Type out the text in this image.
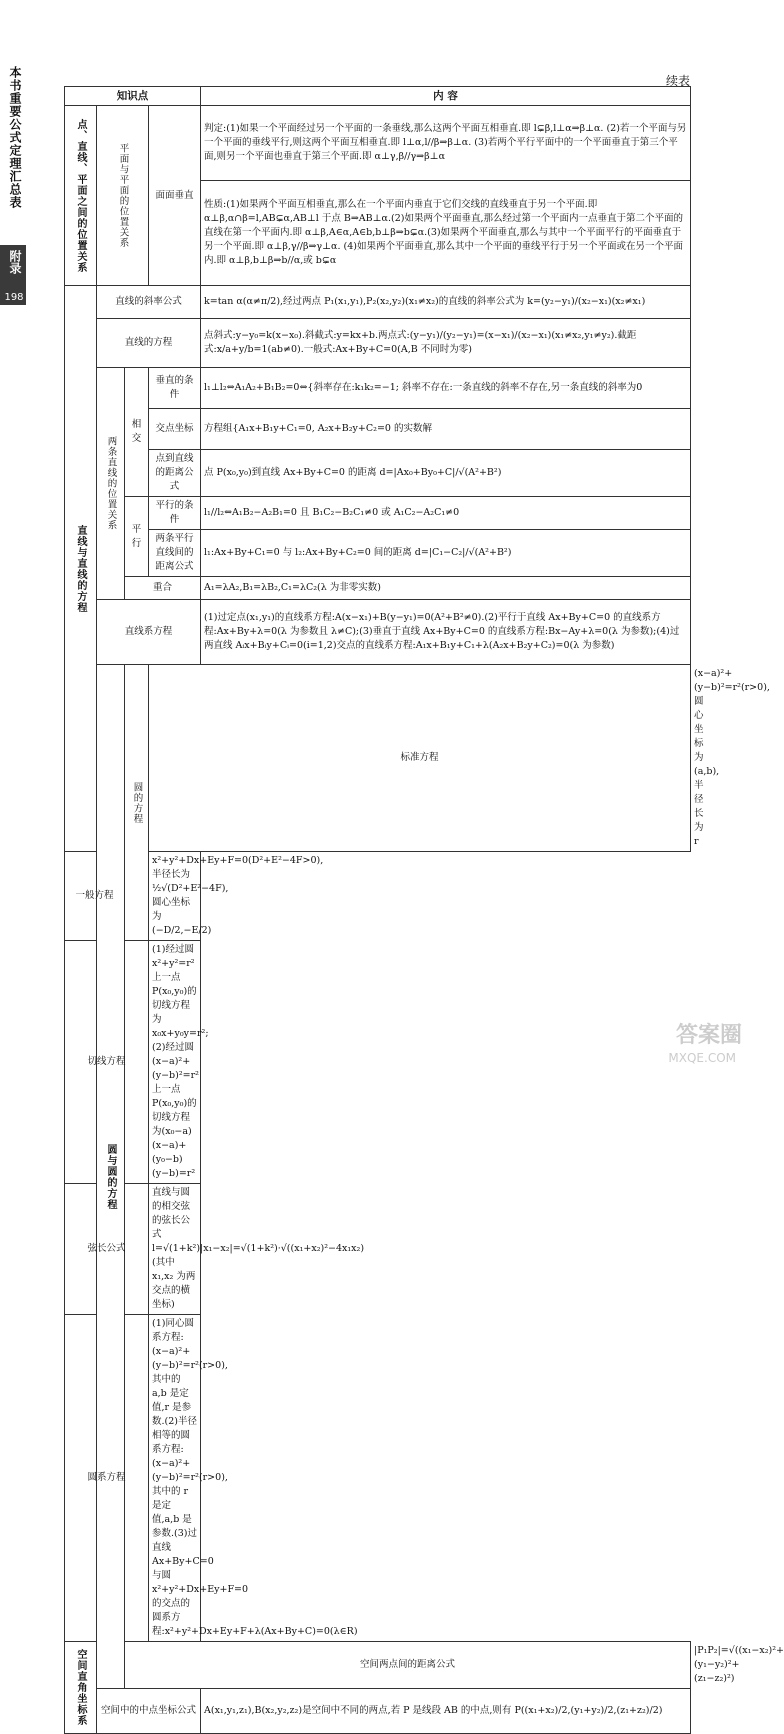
本书重要公式定理汇总表
附录
198
续表
知识点				内 容	

点、直线、平面之间的位置关系	平面与平面的位置关系		面面垂直	判定:(1)如果一个平面经过另一个平面的一条垂线,那么这两个平面互相垂直.即 l⊊β,l⊥α⇒β⊥α. (2)若一个平面与另一个平面的垂线平行,则这两个平面互相垂直.即 l⊥α,l//β⇒β⊥α. (3)若两个平行平面中的一个平面垂直于第三个平面,则另一个平面也垂直于第三个平面.即 α⊥γ,β//γ⇒β⊥α	
				性质:(1)如果两个平面互相垂直,那么在一个平面内垂直于它们交线的直线垂直于另一个平面.即 α⊥β,α∩β=l,AB⊊α,AB⊥l 于点 B⇒AB⊥α.(2)如果两个平面垂直,那么经过第一个平面内一点垂直于第二个平面的直线在第一个平面内.即 α⊥β,A∈α,A∈b,b⊥β⇒b⊊α.(3)如果两个平面垂直,那么与其中一个平面平行的平面垂直于另一个平面.即 α⊥β,γ//β⇒γ⊥α. (4)如果两个平面垂直,那么其中一个平面的垂线平行于另一个平面或在另一个平面内.即 α⊥β,b⊥β⇒b//α,或 b⊊α	

直线与直线的方程	直线的斜率公式			k=tan α(α≠π/2),经过两点 P₁(x₁,y₁),P₂(x₂,y₂)(x₁≠x₂)的直线的斜率公式为 k=(y₂−y₁)/(x₂−x₁)(x₂≠x₁)	
	直线的方程			点斜式:y−y₀=k(x−x₀).斜截式:y=kx+b.两点式:(y−y₁)/(y₂−y₁)=(x−x₁)/(x₂−x₁)(x₁≠x₂,y₁≠y₂).截距式:x/a+y/b=1(ab≠0).一般式:Ax+By+C=0(A,B 不同时为零)	

	两条直线的位置关系	相交	垂直的条件	l₁⊥l₂⇔A₁A₂+B₁B₂=0⇔{斜率存在:k₁k₂=−1; 斜率不存在:一条直线的斜率不存在,另一条直线的斜率为0	
			交点坐标	方程组{A₁x+B₁y+C₁=0, A₂x+B₂y+C₂=0 的实数解	
			点到直线的距离公式	点 P(x₀,y₀)到直线 Ax+By+C=0 的距离 d=|Ax₀+By₀+C|/√(A²+B²)	
		平行	平行的条件	l₁//l₂⇔A₁B₂−A₂B₁=0 且 B₁C₂−B₂C₁≠0 或 A₁C₂−A₂C₁≠0	
			两条平行直线间的距离公式	l₁:Ax+By+C₁=0 与 l₂:Ax+By+C₂=0 间的距离 d=|C₁−C₂|/√(A²+B²)	
		重合		A₁=λA₂,B₁=λB₂,C₁=λC₂(λ 为非零实数)	
	直线系方程			(1)过定点(x₁,y₁)的直线系方程:A(x−x₁)+B(y−y₁)=0(A²+B²≠0).(2)平行于直线 Ax+By+C=0 的直线系方程:Ax+By+λ=0(λ 为参数且 λ≠C);(3)垂直于直线 Ax+By+C=0 的直线系方程:Bx−Ay+λ=0(λ 为参数);(4)过两直线 Aᵢx+Bᵢy+Cᵢ=0(i=1,2)交点的直线系方程:A₁x+B₁y+C₁+λ(A₂x+B₂y+C₂)=0(λ 为参数)	

	圆与圆的方程	圆的方程	标准方程		(x−a)²+(y−b)²=r²(r>0),圆心坐标为(a,b),半径长为 r
一般方程			x²+y²+Dx+Ey+F=0(D²+E²−4F>0),半径长为 ½√(D²+E²−4F),圆心坐标为(−D/2,−E/2)		
切线方程			(1)经过圆 x²+y²=r² 上一点 P(x₀,y₀)的切线方程为 x₀x+y₀y=r²;(2)经过圆(x−a)²+(y−b)²=r² 上一点 P(x₀,y₀)的切线方程为(x₀−a)(x−a)+(y₀−b)(y−b)=r²		
弦长公式			直线与圆的相交弦的弦长公式 l=√(1+k²)|x₁−x₂|=√(1+k²)·√((x₁+x₂)²−4x₁x₂)(其中 x₁,x₂ 为两交点的横坐标)		
圆系方程			(1)同心圆系方程:(x−a)²+(y−b)²=r²(r>0),其中的 a,b 是定值,r 是参数.(2)半径相等的圆系方程:(x−a)²+(y−b)²=r²(r>0),其中的 r 是定值,a,b 是参数.(3)过直线 Ax+By+C=0 与圆 x²+y²+Dx+Ey+F=0 的交点的圆系方程:x²+y²+Dx+Ey+F+λ(Ax+By+C)=0(λ∈R)		

空间直角坐标系		空间两点间的距离公式			|P₁P₂|=√((x₁−x₂)²+(y₁−y₂)²+(z₁−z₂)²)
	空间中的中点坐标公式			A(x₁,y₁,z₁),B(x₂,y₂,z₂)是空间中不同的两点,若 P 是线段 AB 的中点,则有 P((x₁+x₂)/2,(y₁+y₂)/2,(z₁+z₂)/2)	
答案圈
MXQE.COM
